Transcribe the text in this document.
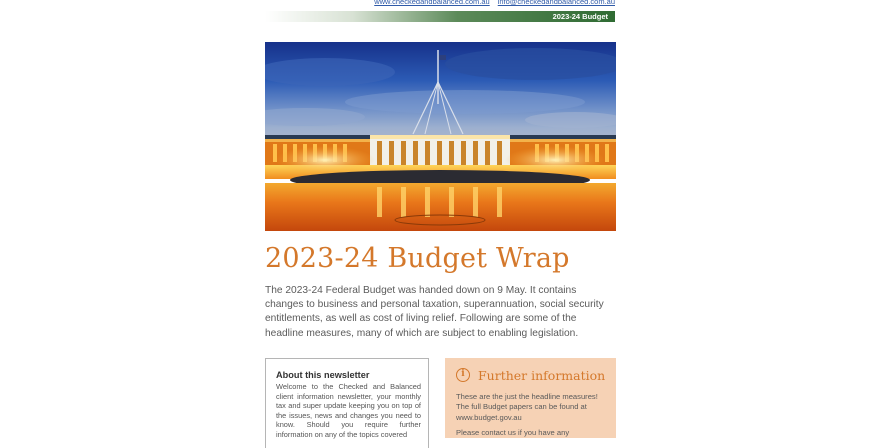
www.checkedandbalanced.com.au info@checkedandbalanced.com.au
2023-24 Budget
2023-24 Budget Wrap
The 2023-24 Federal Budget was handed down on 9 May. It contains changes to business and personal taxation, superannuation, social security entitlements, as well as cost of living relief. Following are some of the headline measures, many of which are subject to enabling legislation.
About this newsletter
Welcome to the Checked and Balanced client information newsletter, your monthly tax and super update keeping you on top of the issues, news and changes you need to know. Should you require further information on any of the topics covered
i	Further information

These are the just the headline measures! The full Budget papers can be found at www.budget.gov.au

Please contact us if you have any
